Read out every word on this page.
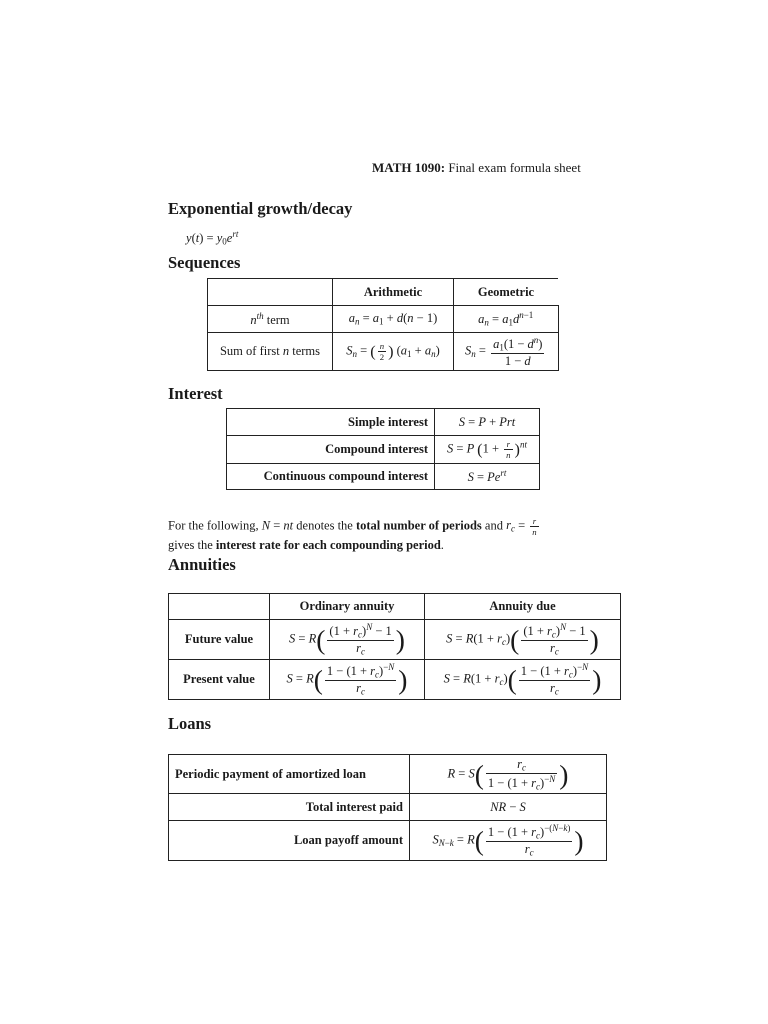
MATH 1090: Final exam formula sheet
Exponential growth/decay
$y(t) = y_0e^{rt}$
Sequences
	Arithmetic	Geometric
$n^{th}$ term	$a_n = a_1 + d(n - 1)$	$a_n = a_1d^{n-1}$
Sum of first n terms	$S_n$ = ( $\frac{n}{2}$ ) $(a_1 + a_n)$	$S_n = \frac{a_1(1 - d^n)}{1 - d}$
Interest
Simple interest	S = P + Prt
Compound interest	S = P $(1 + \frac{r}{n} )^{nt}$
Continuous compound interest	$S = Pe^{rt}$
For the following, N = nt denotes the total number of periods and $r_c = \frac{r}{n}$

gives the interest rate for each compounding period.
Annuities
	Ordinary annuity	Annuity due
Future value	$S = R( \frac{(1 + r_c)^N - 1}{r_c}$ )	$S = R(1 + r_c)( \frac{(1 + r_c)^N - 1}{r_c}$ )
Present value	$S = R( \frac{1 - (1 + r_c)^{-N}}{r_c}$ )	$S = R(1 + r_c)( \frac{1 - (1 + r_c)^{-N}}{r_c}$ )
Loans
Periodic payment of amortized loan	$R = S( \frac{r_c}{1 - (1 + r_c)^{-N}}$ )
Total interest paid	NR − S
Loan payoff amount	$S_{N-k} = R( \frac{1 - (1 + r_c)^{-(N-k)}}{r_c}$ )
